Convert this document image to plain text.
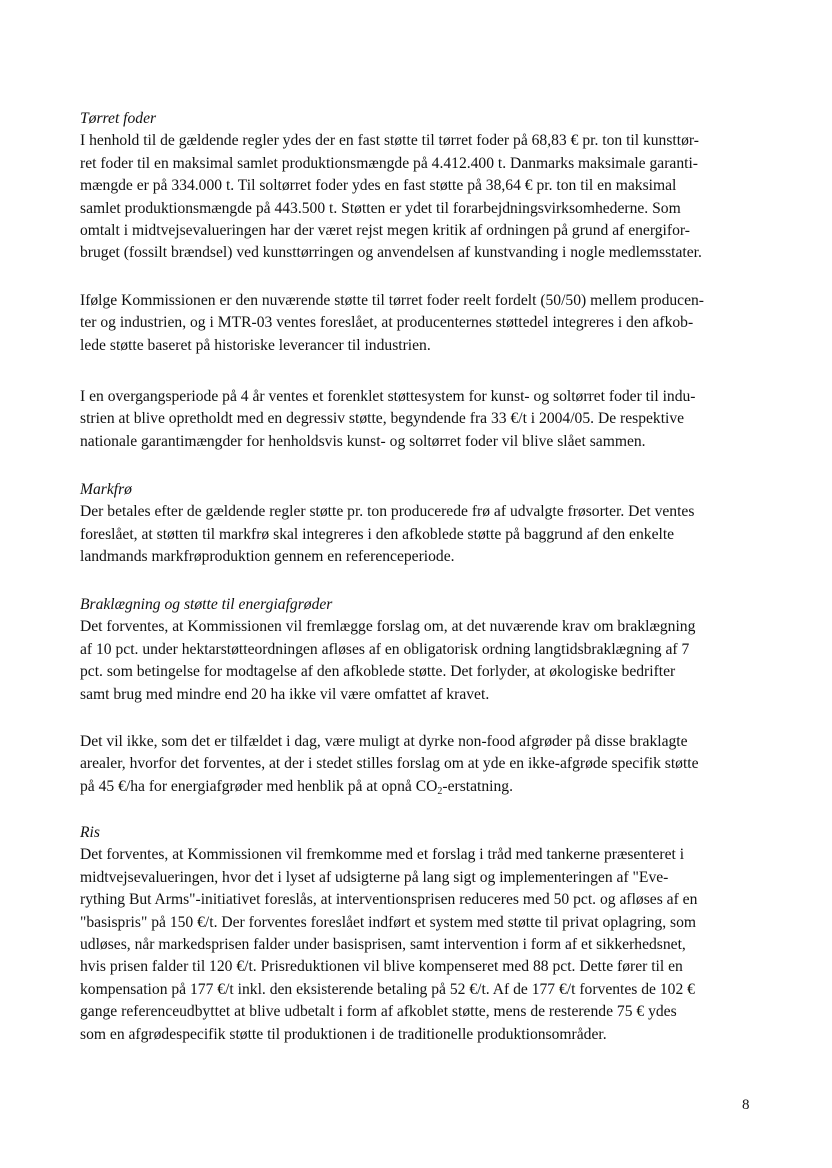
Tørret foder
I henhold til de gældende regler ydes der en fast støtte til tørret foder på 68,83 € pr. ton til kunsttør-
ret foder til en maksimal samlet produktionsmængde på 4.412.400 t. Danmarks maksimale garanti-
mængde er på 334.000 t. Til soltørret foder ydes en fast støtte på 38,64 € pr. ton til en maksimal
samlet produktionsmængde på 443.500 t. Støtten er ydet til forarbejdningsvirksomhederne. Som
omtalt i midtvejsevalueringen har der været rejst megen kritik af ordningen på grund af energifor-
bruget (fossilt brændsel) ved kunsttørringen og anvendelsen af kunstvanding i nogle medlemsstater.
Ifølge Kommissionen er den nuværende støtte til tørret foder reelt fordelt (50/50) mellem producen-
ter og industrien, og i MTR-03 ventes foreslået, at producenternes støttedel integreres i den afkob-
lede støtte baseret på historiske leverancer til industrien.
I en overgangsperiode på 4 år ventes et forenklet støttesystem for kunst- og soltørret foder til indu-
strien at blive opretholdt med en degressiv støtte, begyndende fra 33 €/t i 2004/05. De respektive
nationale garantimængder for henholdsvis kunst- og soltørret foder vil blive slået sammen.
Markfrø
Der betales efter de gældende regler støtte pr. ton producerede frø af udvalgte frøsorter. Det ventes
foreslået, at støtten til markfrø skal integreres i den afkoblede støtte på baggrund af den enkelte
landmands markfrøproduktion gennem en referenceperiode.
Braklægning og støtte til energiafgrøder
Det forventes, at Kommissionen vil fremlægge forslag om, at det nuværende krav om braklægning
af 10 pct. under hektarstøtteordningen afløses af en obligatorisk ordning langtidsbraklægning af 7
pct. som betingelse for modtagelse af den afkoblede støtte. Det forlyder, at økologiske bedrifter
samt brug med mindre end 20 ha ikke vil være omfattet af kravet.
Det vil ikke, som det er tilfældet i dag, være muligt at dyrke non-food afgrøder på disse braklagte
arealer, hvorfor det forventes, at der i stedet stilles forslag om at yde en ikke-afgrøde specifik støtte
på 45 €/ha for energiafgrøder med henblik på at opnå $CO_2$-erstatning.
Ris
Det forventes, at Kommissionen vil fremkomme med et forslag i tråd med tankerne præsenteret i
midtvejsevalueringen, hvor det i lyset af udsigterne på lang sigt og implementeringen af "Eve-
rything But Arms"-initiativet foreslås, at interventionsprisen reduceres med 50 pct. og afløses af en
"basispris" på 150 €/t. Der forventes foreslået indført et system med støtte til privat oplagring, som
udløses, når markedsprisen falder under basisprisen, samt intervention i form af et sikkerhedsnet,
hvis prisen falder til 120 €/t. Prisreduktionen vil blive kompenseret med 88 pct. Dette fører til en
kompensation på 177 €/t inkl. den eksisterende betaling på 52 €/t. Af de 177 €/t forventes de 102 €
gange referenceudbyttet at blive udbetalt i form af afkoblet støtte, mens de resterende 75 € ydes
som en afgrødespecifik støtte til produktionen i de traditionelle produktionsområder.
8
